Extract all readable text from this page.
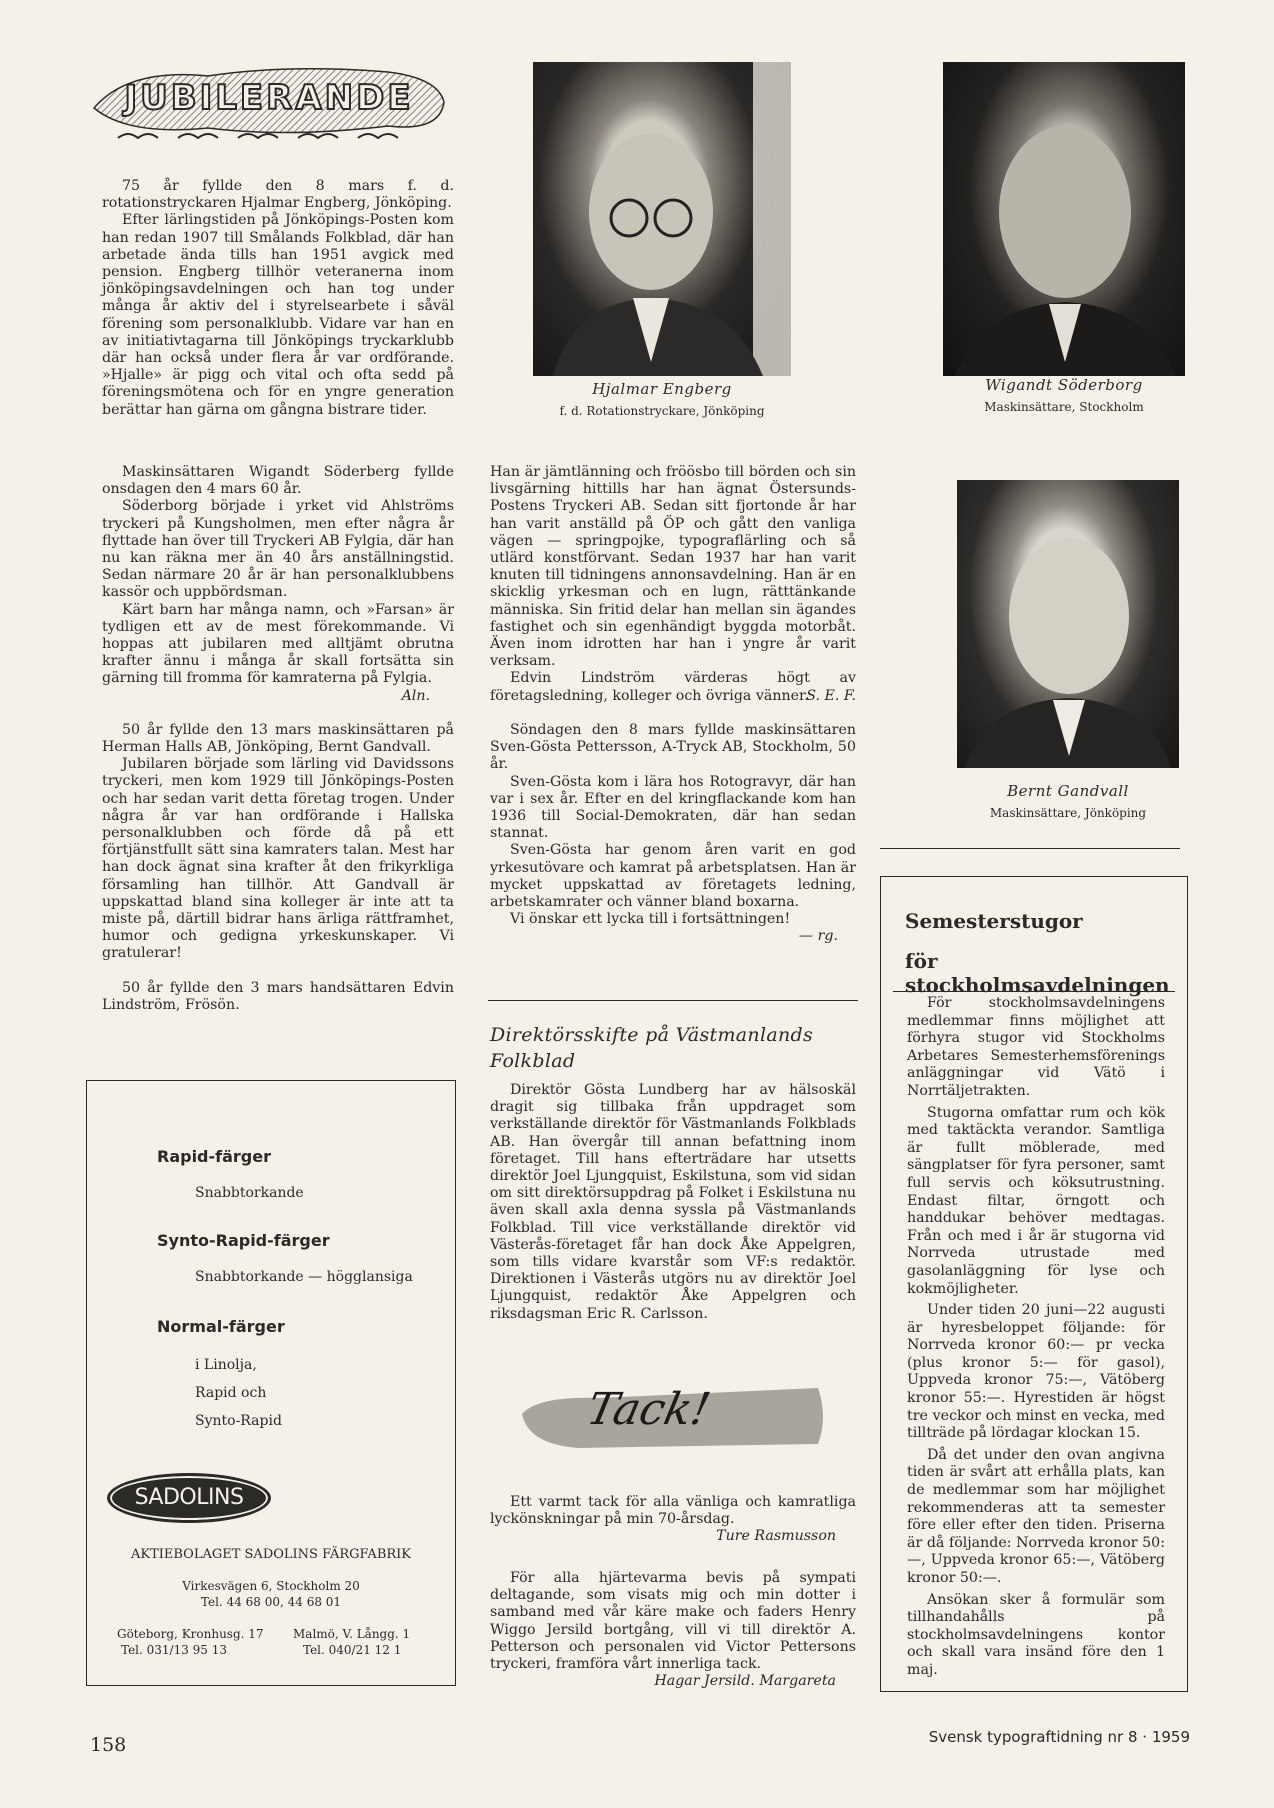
JUBILERANDE

75 år fyllde den 8 mars f. d. rotationstryckaren Hjalmar Engberg, Jönköping.

Efter lärlingstiden på Jönköpings-Posten kom han redan 1907 till Smålands Folkblad, där han arbetade ända tills han 1951 avgick med pension. Engberg tillhör veteranerna inom jönköpingsavdelningen och han tog under många år aktiv del i styrelsearbete i såväl förening som personalklubb. Vidare var han en av initiativtagarna till Jönköpings tryckarklubb där han också under flera år var ordförande. »Hjalle» är pigg och vital och ofta sedd på föreningsmötena och för en yngre generation berättar han gärna om gångna bistrare tider.

Maskinsättaren Wigandt Söderberg fyllde onsdagen den 4 mars 60 år.

Söderborg började i yrket vid Ahlströms tryckeri på Kungsholmen, men efter några år flyttade han över till Tryckeri AB Fylgia, där han nu kan räkna mer än 40 års anställningstid. Sedan närmare 20 år är han personalklubbens kassör och uppbördsman.

Kärt barn har många namn, och »Farsan» är tydligen ett av de mest förekommande. Vi hoppas att jubilaren med alltjämt obrutna krafter ännu i många år skall fortsätta sin gärning till fromma för kamraterna på Fylgia.

Aln.

50 år fyllde den 13 mars maskinsättaren på Herman Halls AB, Jönköping, Bernt Gandvall.

Jubilaren började som lärling vid Davidssons tryckeri, men kom 1929 till Jönköpings-Posten och har sedan varit detta företag trogen. Under några år var han ordförande i Hallska personalklubben och förde då på ett förtjänstfullt sätt sina kamraters talan. Mest har han dock ägnat sina krafter åt den frikyrkliga församling han tillhör. Att Gandvall är uppskattad bland sina kolleger är inte att ta miste på, därtill bidrar hans ärliga rättframhet, humor och gedigna yrkeskunskaper. Vi gratulerar!

50 år fyllde den 3 mars handsättaren Edvin Lindström, Frösön.

Rapid-färger
Snabbtorkande
Synto-Rapid-färger
Snabbtorkande — högglansiga
Normal-färger
i Linolja,
Rapid och
Synto-Rapid
SADOLINS
AKTIEBOLAGET SADOLINS FÄRGFABRIK
Virkesvägen 6, Stockholm 20
Tel. 44 68 00, 44 68 01
Göteborg, Kronhusg. 17
Tel. 031/13 95 13
Malmö, V. Långg. 1
Tel. 040/21 12 1
Hjalmar Engberg
f. d. Rotationstryckare, Jönköping
Wigandt Söderborg
Maskinsättare, Stockholm
Bernt Gandvall
Maskinsättare, Jönköping

Han är jämtlänning och fröösbo till börden och sin livsgärning hittills har han ägnat Östersunds-Postens Tryckeri AB. Sedan sitt fjortonde år har han varit anställd på ÖP och gått den vanliga vägen — springpojke, typograflärling och så utlärd konstförvant. Sedan 1937 har han varit knuten till tidningens annonsavdelning. Han är en skicklig yrkesman och en lugn, rätttänkande människa. Sin fritid delar han mellan sin ägandes fastighet och sin egenhändigt byggda motorbåt. Även inom idrotten har han i yngre år varit verksam.

Edvin Lindström värderas högt av företagsledning, kolleger och övriga vänner.

S. E. F.

Söndagen den 8 mars fyllde maskinsättaren Sven-Gösta Pettersson, A-Tryck AB, Stockholm, 50 år.

Sven-Gösta kom i lära hos Rotogravyr, där han var i sex år. Efter en del kringflackande kom han 1936 till Social-Demokraten, där han sedan stannat.

Sven-Gösta har genom åren varit en god yrkesutövare och kamrat på arbetsplatsen. Han är mycket uppskattad av företagets ledning, arbetskamrater och vänner bland boxarna.

Vi önskar ett lycka till i fortsättningen!

— rg.
Direktörsskifte på Västmanlands
Folkblad

Direktör Gösta Lundberg har av hälsoskäl dragit sig tillbaka från uppdraget som verkställande direktör för Västmanlands Folkblads AB. Han övergår till annan befattning inom företaget. Till hans efterträdare har utsetts direktör Joel Ljungquist, Eskilstuna, som vid sidan om sitt direktörsuppdrag på Folket i Eskilstuna nu även skall axla denna syssla på Västmanlands Folkblad. Till vice verkställande direktör vid Västerås-företaget får han dock Åke Appelgren, som tills vidare kvarstår som VF:s redaktör. Direktionen i Västerås utgörs nu av direktör Joel Ljungquist, redaktör Åke Appelgren och riksdagsman Eric R. Carlsson.

Tack!

Ett varmt tack för alla vänliga och kamratliga lyckönskningar på min 70-årsdag.

Ture Rasmusson

För alla hjärtevarma bevis på sympati deltagande, som visats mig och min dotter i samband med vår käre make och faders Henry Wiggo Jersild bortgång, vill vi till direktör A. Petterson och personalen vid Victor Pettersons tryckeri, framföra vårt innerliga tack.

Hagar Jersild. Margareta
Semesterstugor
för stockholmsavdelningen

För stockholmsavdelningens medlemmar finns möjlighet att förhyra stugor vid Stockholms Arbetares Semesterhemsförenings anläggningar vid Vätö i Norrtäljetrakten.

Stugorna omfattar rum och kök med taktäckta verandor. Samtliga är fullt möblerade, med sängplatser för fyra personer, samt full servis och köksutrustning. Endast filtar, örngott och handdukar behöver medtagas. Från och med i år är stugorna vid Norrveda utrustade med gasolanläggning för lyse och kokmöjligheter.

Under tiden 20 juni—22 augusti är hyresbeloppet följande: för Norrveda kronor 60:— pr vecka (plus kronor 5:— för gasol), Uppveda kronor 75:—, Vätöberg kronor 55:—. Hyrestiden är högst tre veckor och minst en vecka, med tillträde på lördagar klockan 15.

Då det under den ovan angivna tiden är svårt att erhålla plats, kan de medlemmar som har möjlighet rekommenderas att ta semester före eller efter den tiden. Priserna är då följande: Norrveda kronor 50:—, Uppveda kronor 65:—, Vätöberg kronor 50:—.

Ansökan sker å formulär som tillhandahålls på stockholmsavdelningens kontor och skall vara insänd före den 1 maj.

158	Svensk typograftidning nr 8 · 1959
